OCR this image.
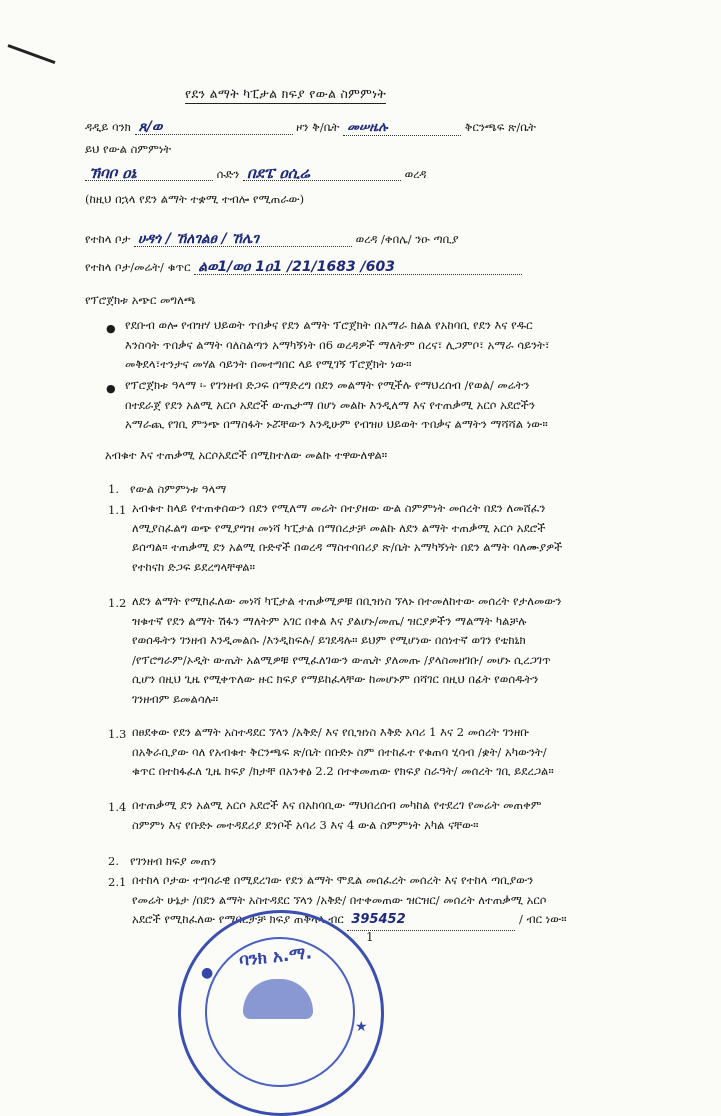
የደን ልማት ካፒታል ክፍያ የውል ስምምነት
ዳዲይ ባንክ ጸ/ወ	ዞን ቅ/ቤት መሠዜሉ	ቅርንጫፍ ጽ/ቤት
ይህ የውል ስምምነት
ኽባቦ ዐኔ	ሱድን በደፔ ዐሲሬ	ወረዳ
(ከዚህ በኋላ የደን ልማት ተቋሚ ተብሎ የሚጠራው)
የተከላ ቦታ ሀዳጎ / ኸለገልፀ / ኸሌገ	ወረዳ /ቀበሌ/ ንዑ ጣቢያ
የተከላ ቦታ/መሬት/ ቁጥር ልወ1/ወዐ 1ዐ1 /21/1683 /603
የፕሮጀክቱ አጭር መግለጫ
● የደቡብ ወሎ የብዝሃ ህይወት ጥበቃና የደን ልማት ፕሮጀክት በአማራ ክልል የአከባቢ የደን እና የዱር
እንስሳት ጥበቃና ልማት ባለስልጣን አማካኝነት በ6 ወረዳዎች ማለትም በረና፣ ሊጋምቦ፣ አማራ ሳይንት፣
መቅደላ፣ተንታና መሃል ሳይንት በመተግበር ላይ የሚገኝ ፕሮጀክት ነው።
● የፕሮጀክቱ ዓላማ ፡- የገንዘብ ድጋፍ በማድረግ በደን መልማት የሚችሉ የማህረሰብ /የወል/ መሬትን
በተደራጀ የደን አልሚ አርሶ አደሮች ውጤታማ በሆነ መልኩ እንዲለማ እና የተጠቃሚ አርሶ አደሮችን
አማራጪ የገቢ ምንጭ በማስፋት ኑሯቸውን እንዲሁም የብዝሀ ህይወት ጥበቃና ልማትን ማሻሻል ነው።
አብቁተ እና ተጠቃሚ አርሶአደሮች በሚከተለው መልኩ ተዋውለዋል።
1. የውል ስምምነቱ ዓላማ
1.1 አብቁተ ከላይ የተጠቀሰውን በደን የሚለማ መሬት በተያዘው ውል ስምምነት መሰረት በደን ለመሸፈን
ለሚያስፈልግ ወጭ የሚያግዝ መነሻ ካፒታል በማበረታቻ መልኩ ለደን ልማት ተጠቃሚ አርሶ አደሮች
ይሰጣል። ተጠቃሚ ደን አልሚ ቡድኖች በወረዳ ማስተባበሪያ ጽ/ቤት አማካኝነት በደን ልማት ባለሙያዎች
የተከናከ ድጋፍ ይደረግላቸዋል።
1.2 ለደን ልማት የሚከፈለው መነሻ ካፒታል ተጠቃሚዎቹ በቢዝነስ ኘላኑ በተመለከተው መሰረት የታለመውን
ዝቁተኛ የደን ልማት ሽፋን ማለትም አገር በቀል እና ያልሆኑ/መጤ/ ዝርያዎችን ማልማት ካልቻሉ
የወሰዱትን ገንዘብ እንዲመልሱ /እንዲከፍሉ/ ይገደዳሉ። ይህም የሚሆነው በሰነተኛ ወገን የቴክኒክ
/የፕሮግራም/ኦዲት ውጤት አልሚዎቹ የሚፈለገውን ውጤት ያለመጡ /ያላስመዘገቡ/ መሆኑ ሲረጋገጥ
ሲሆን በዚህ ጊዜ የሚቀጥለው ዙር ክፍያ የማይከፈላቸው ከመሆኑም በሻገር በዚህ በፊት የወሰዱትን
ገንዘብም ይመልሳሉ።
1.3 በፀደቀው የደን ልማት አስተዳደር ኘላን /አቅድ/ እና የቢዝነስ እቅድ አባሪ 1 እና 2 መሰረት ገንዘቡ
በአቅራቢያው ባለ የአብቁተ ቅርንጫፍ ጽ/ቤት በቡድኑ ስም በተከፈተ የቁጠባ ሂሳብ /ቋት/ አካውንት/
ቁጥር በተከፋፈለ ጊዜ ክፍያ /ክታቸ በአንቀፅ 2.2 በተቀመጠው የክፍያ ስራዓት/ መሰረት ገቢ ይደረጋል።
1.4 በተጠቃሚ ደን አልሚ አርሶ አደሮች እና በአከባቢው ማህበረሰብ መካከል የተደረገ የመሬት መጠቀም
ስምምነ እና የቡድኑ መተዳደሪያ ደንቦች አባሪ 3 እና 4 ውል ስምምነት አካል ናቸው።
2. የገንዘብ ክፍያ መጠን
2.1 በተከላ ቦታው ተግባራዊ በሚደረገው የደን ልማት ሞዴል መሰፈረት መሰረት እና የተከላ ጣቢያውን
የመሬት ሁኔታ /በደን ልማት አስተዳደር ኘላን /አቅድ/ በተቀመጠው ዝርዝር/ መሰረት ለተጠቃሚ አርሶ
አደሮች የሚከፈለው የማበረታቻ ክፍያ ጠቅላላ ብር 395452	/ ብር ነው።
1
ባንክ አ.ማ.
●
★
